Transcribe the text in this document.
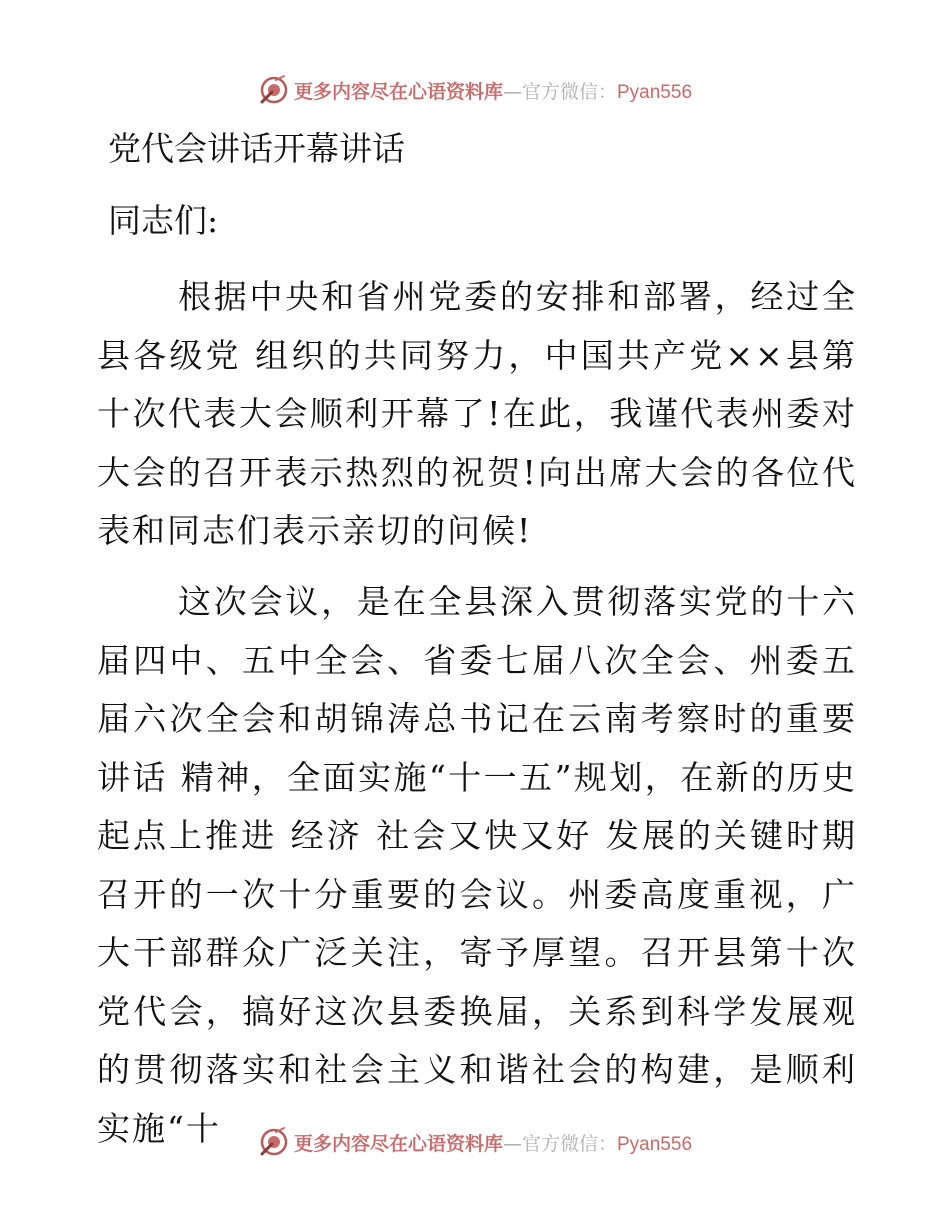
更多内容尽在心语资料库—官方微信：Pyan556
党代会讲话开幕讲话
同志们:

根据中央和省州党委的安排和部署，经过全县各级党 组织的共同努力，中国共产党××县第十次代表大会顺利开幕了!在此，我谨代表州委对大会的召开表示热烈的祝贺!向出席大会的各位代表和同志们表示亲切的问候!

这次会议，是在全县深入贯彻落实党的十六届四中、五中全会、省委七届八次全会、州委五届六次全会和胡锦涛总书记在云南考察时的重要 讲话 精神，全面实施“十一五”规划，在新的历史起点上推进 经济 社会又快又好 发展的关键时期召开的一次十分重要的会议。州委高度重视，广大干部群众广泛关注，寄予厚望。召开县第十次党代会，搞好这次县委换届，关系到科学发展观的贯彻落实和社会主义和谐社会的构建，是顺利实施“十	更多内容尽在心语资料库—官方微信：Pyan556
